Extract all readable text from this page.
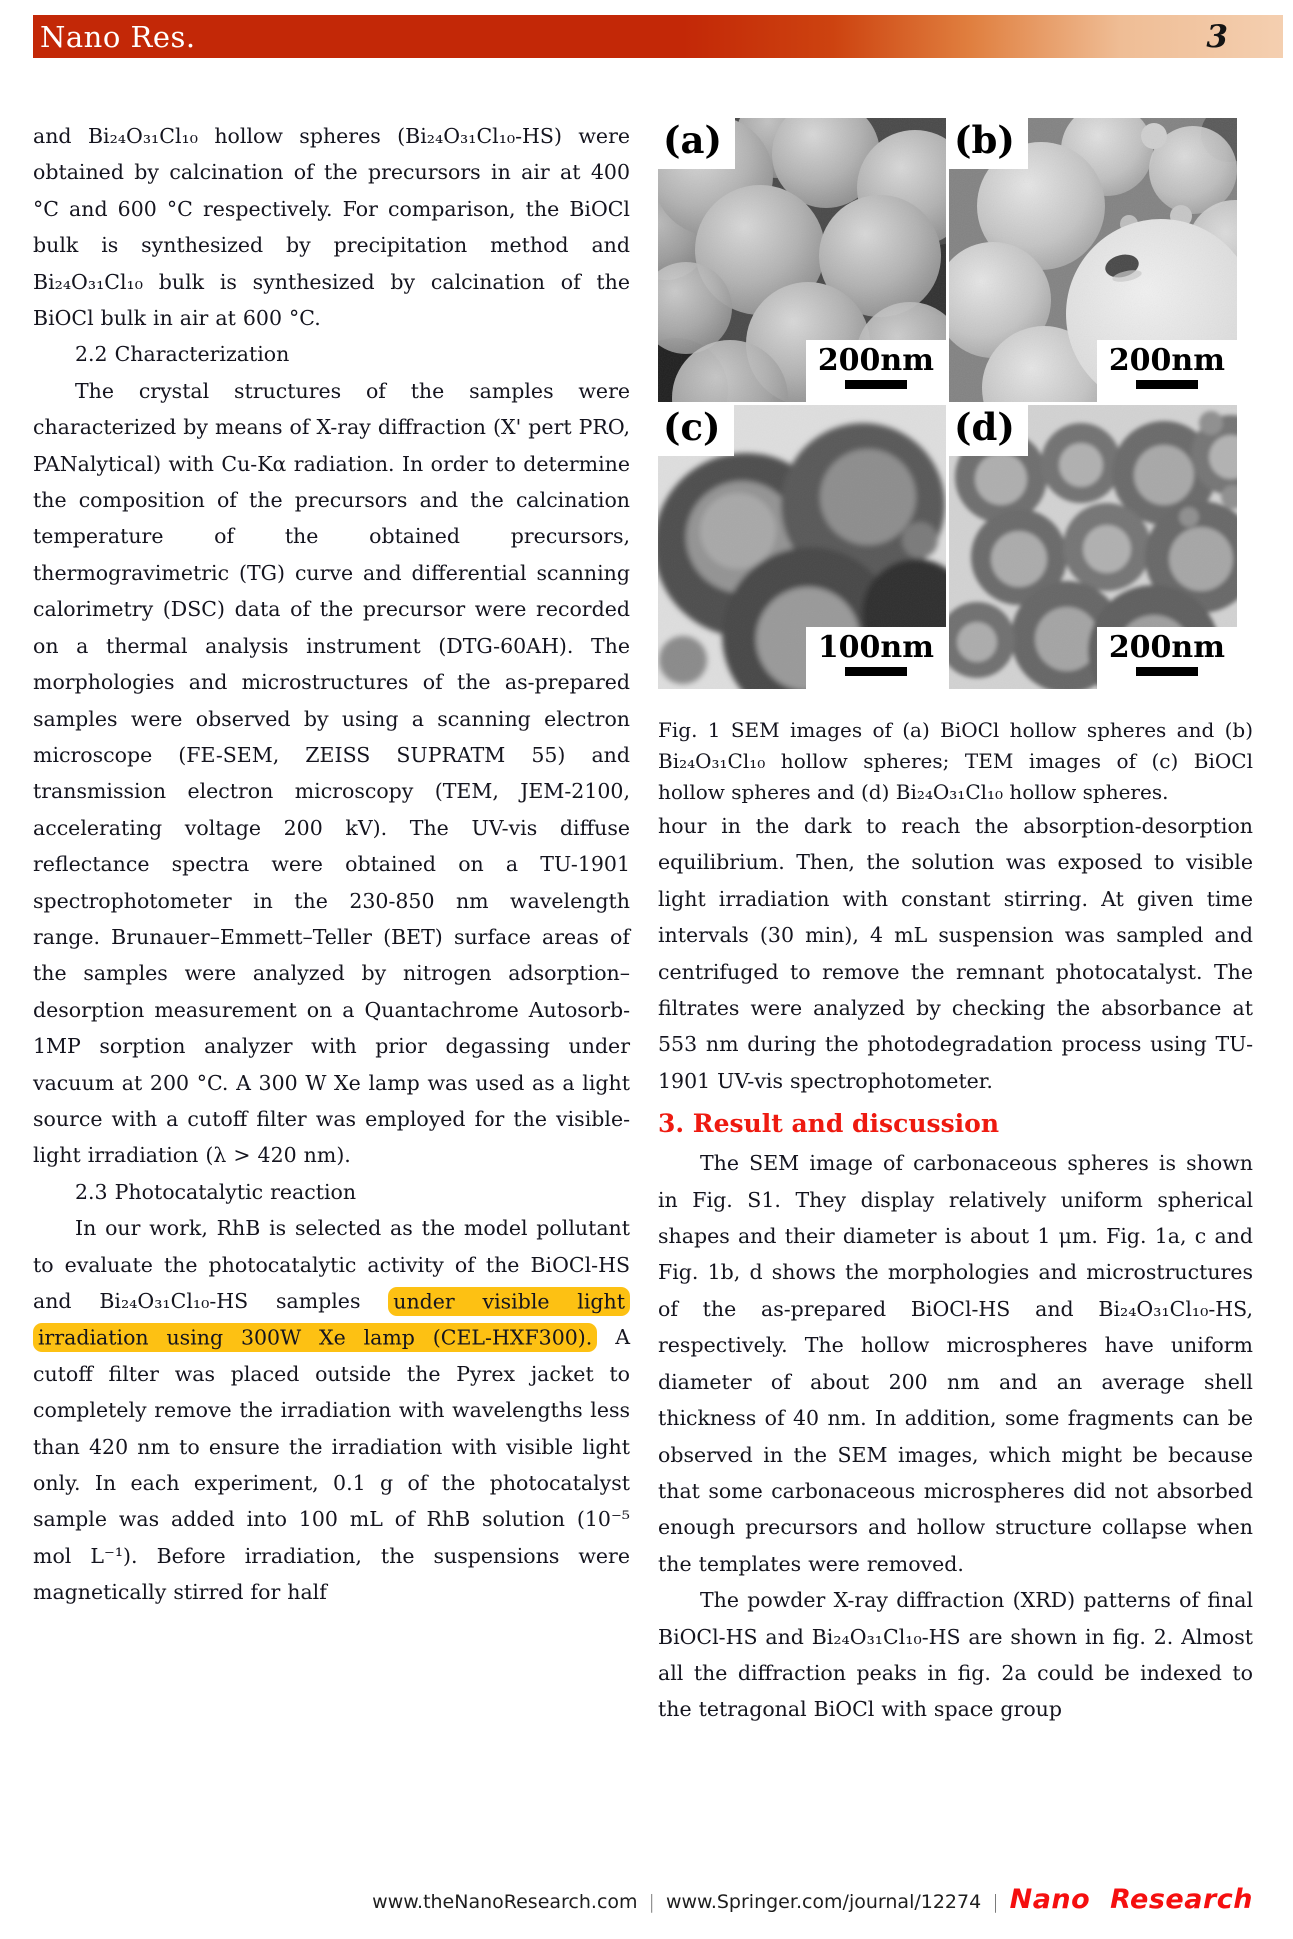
Nano Res.	3

and Bi₂₄O₃₁Cl₁₀ hollow spheres (Bi₂₄O₃₁Cl₁₀-HS) were obtained by calcination of the precursors in air at 400 °C and 600 °C respectively. For comparison, the BiOCl bulk is synthesized by precipitation method and Bi₂₄O₃₁Cl₁₀ bulk is synthesized by calcination of the BiOCl bulk in air at 600 °C.

2.2 Characterization

The crystal structures of the samples were characterized by means of X-ray diffraction (X' pert PRO, PANalytical) with Cu-Kα radiation. In order to determine the composition of the precursors and the calcination temperature of the obtained precursors, thermogravimetric (TG) curve and differential scanning calorimetry (DSC) data of the precursor were recorded on a thermal analysis instrument (DTG-60AH). The morphologies and microstructures of the as-prepared samples were observed by using a scanning electron microscope (FE-SEM, ZEISS SUPRATM 55) and transmission electron microscopy (TEM, JEM-2100, accelerating voltage 200 kV). The UV-vis diffuse reflectance spectra were obtained on a TU-1901 spectrophotometer in the 230-850 nm wavelength range. Brunauer–Emmett–Teller (BET) surface areas of the samples were analyzed by nitrogen adsorption–desorption measurement on a Quantachrome Autosorb-1MP sorption analyzer with prior degassing under vacuum at 200 °C. A 300 W Xe lamp was used as a light source with a cutoff filter was employed for the visible-light irradiation (λ > 420 nm).

2.3 Photocatalytic reaction

In our work, RhB is selected as the model pollutant to evaluate the photocatalytic activity of the BiOCl-HS and Bi₂₄O₃₁Cl₁₀-HS samples under visible light irradiation using 300W Xe lamp (CEL-HXF300). A cutoff filter was placed outside the Pyrex jacket to completely remove the irradiation with wavelengths less than 420 nm to ensure the irradiation with visible light only. In each experiment, 0.1 g of the photocatalyst sample was added into 100 mL of RhB solution (10⁻⁵ mol L⁻¹). Before irradiation, the suspensions were magnetically stirred for half

(a)
200nm
(b)
200nm
(c)
100nm
(d)
200nm

Fig. 1 SEM images of (a) BiOCl hollow spheres and (b) Bi₂₄O₃₁Cl₁₀ hollow spheres; TEM images of (c) BiOCl hollow spheres and (d) Bi₂₄O₃₁Cl₁₀ hollow spheres.

hour in the dark to reach the absorption-desorption equilibrium. Then, the solution was exposed to visible light irradiation with constant stirring. At given time intervals (30 min), 4 mL suspension was sampled and centrifuged to remove the remnant photocatalyst. The filtrates were analyzed by checking the absorbance at 553 nm during the photodegradation process using TU-1901 UV-vis spectrophotometer.

3. Result and discussion

The SEM image of carbonaceous spheres is shown in Fig. S1. They display relatively uniform spherical shapes and their diameter is about 1 μm. Fig. 1a, c and Fig. 1b, d shows the morphologies and microstructures of the as-prepared BiOCl-HS and Bi₂₄O₃₁Cl₁₀-HS, respectively. The hollow microspheres have uniform diameter of about 200 nm and an average shell thickness of 40 nm. In addition, some fragments can be observed in the SEM images, which might be because that some carbonaceous microspheres did not absorbed enough precursors and hollow structure collapse when the templates were removed.

The powder X-ray diffraction (XRD) patterns of final BiOCl-HS and Bi₂₄O₃₁Cl₁₀-HS are shown in fig. 2. Almost all the diffraction peaks in fig. 2a could be indexed to the tetragonal BiOCl with space group

www.theNanoResearch.com | www.Springer.com/journal/12274 | Nano Research
